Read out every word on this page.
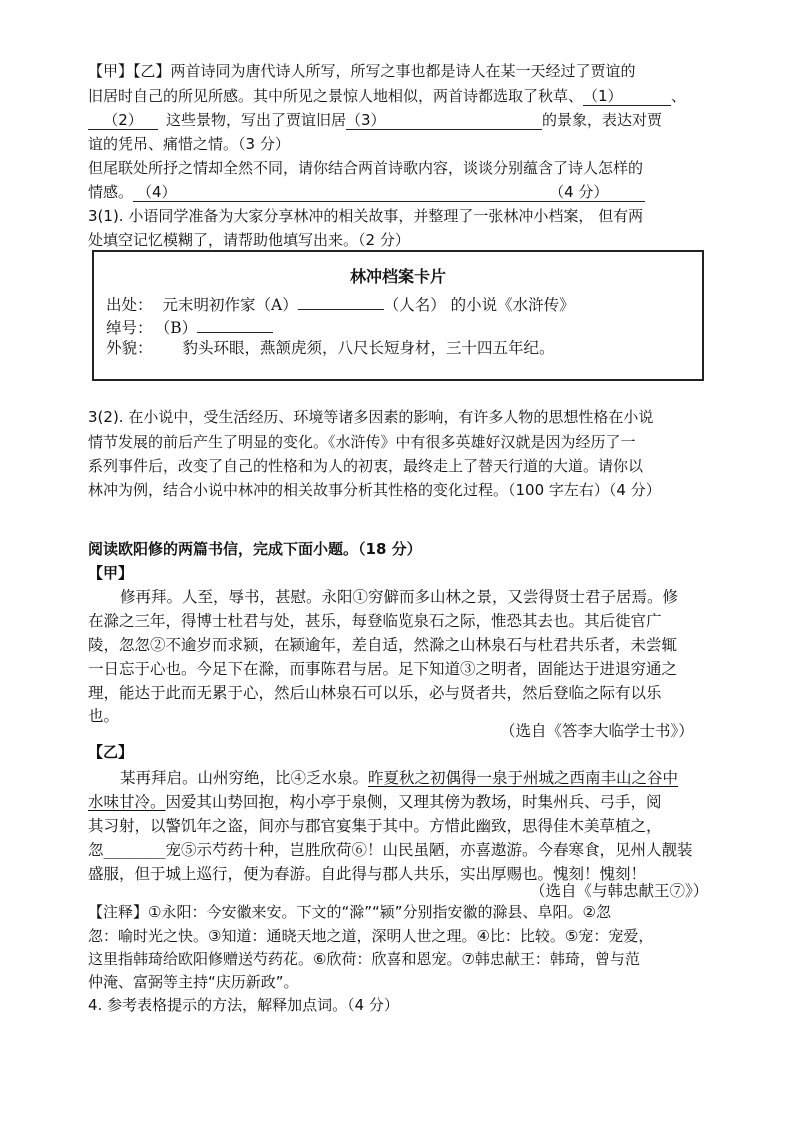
【甲】【乙】两首诗同为唐代诗人所写，所写之事也都是诗人在某一天经过了贾谊的
旧居时自己的所见所感。其中所见之景惊人地相似，两首诗都选取了秋草、（1）	、
（2） 这些景物，写出了贾谊旧居（3）	的景象，表达对贾
谊的凭吊、痛惜之情。（3 分）
但尾联处所抒之情却全然不同，请你结合两首诗歌内容，谈谈分别蕴含了诗人怎样的
情感。 （4）	（4 分）
3(1). 小语同学准备为大家分享林冲的相关故事，并整理了一张林冲小档案， 但有两
处填空记忆模糊了，请帮助他填写出来。（2 分）
林冲档案卡片
出处： 元末明初作家（A）	（人名） 的小说《水浒传》
绰号： （B）
外貌： 豹头环眼，燕颔虎须，八尺长短身材，三十四五年纪。
3(2). 在小说中，受生活经历、环境等诸多因素的影响，有许多人物的思想性格在小说
情节发展的前后产生了明显的变化。《水浒传》中有很多英雄好汉就是因为经历了一
系列事件后，改变了自己的性格和为人的初衷，最终走上了替天行道的大道。请你以
林冲为例，结合小说中林冲的相关故事分析其性格的变化过程。（100 字左右）（4 分）
阅读欧阳修的两篇书信，完成下面小题。（18 分）
【甲】
修再拜。人至，辱书，甚慰。永阳①穷僻而多山林之景，又尝得贤士君子居焉。修
在滁之三年，得博士杜君与处，甚乐，每登临览泉石之际，惟恐其去也。其后徙官广
陵，忽忽②不逾岁而求颍，在颍逾年，差自适，然滁之山林泉石与杜君共乐者，未尝辄
一日忘于心也。今足下在滁，而事陈君与居。足下知道③之明者，固能达于进退穷通之
理，能达于此而无累于心，然后山林泉石可以乐，必与贤者共，然后登临之际有以乐
也。
（选自《答李大临学士书》）
【乙】
某再拜启。山州穷绝，比④乏水泉。昨夏秋之初偶得一泉于州城之西南丰山之谷中
水味甘冷。因爱其山势回抱，构小亭于泉侧，又理其傍为教场，时集州兵、弓手，阅
其习射，以警饥年之盗，间亦与郡官宴集于其中。方惜此幽致，思得佳木美草植之，
忽________宠⑤示芍药十种，岂胜欣荷⑥！山民虽陋，亦喜遨游。今春寒食，见州人靓装
盛服，但于城上巡行，便为春游。自此得与郡人共乐，实出厚赐也。愧刻！愧刻！
（选自《与韩忠献王⑦》）
【注释】①永阳：今安徽来安。下文的“滁”“颍”分别指安徽的滁县、阜阳。②忽
忽：喻时光之快。③知道：通晓天地之道，深明人世之理。④比：比较。⑤宠：宠爱，
这里指韩琦给欧阳修赠送芍药花。⑥欣荷：欣喜和恩宠。⑦韩忠献王：韩琦，曾与范
仲淹、富弼等主持“庆历新政”。
4. 参考表格提示的方法，解释加点词。（4 分）
